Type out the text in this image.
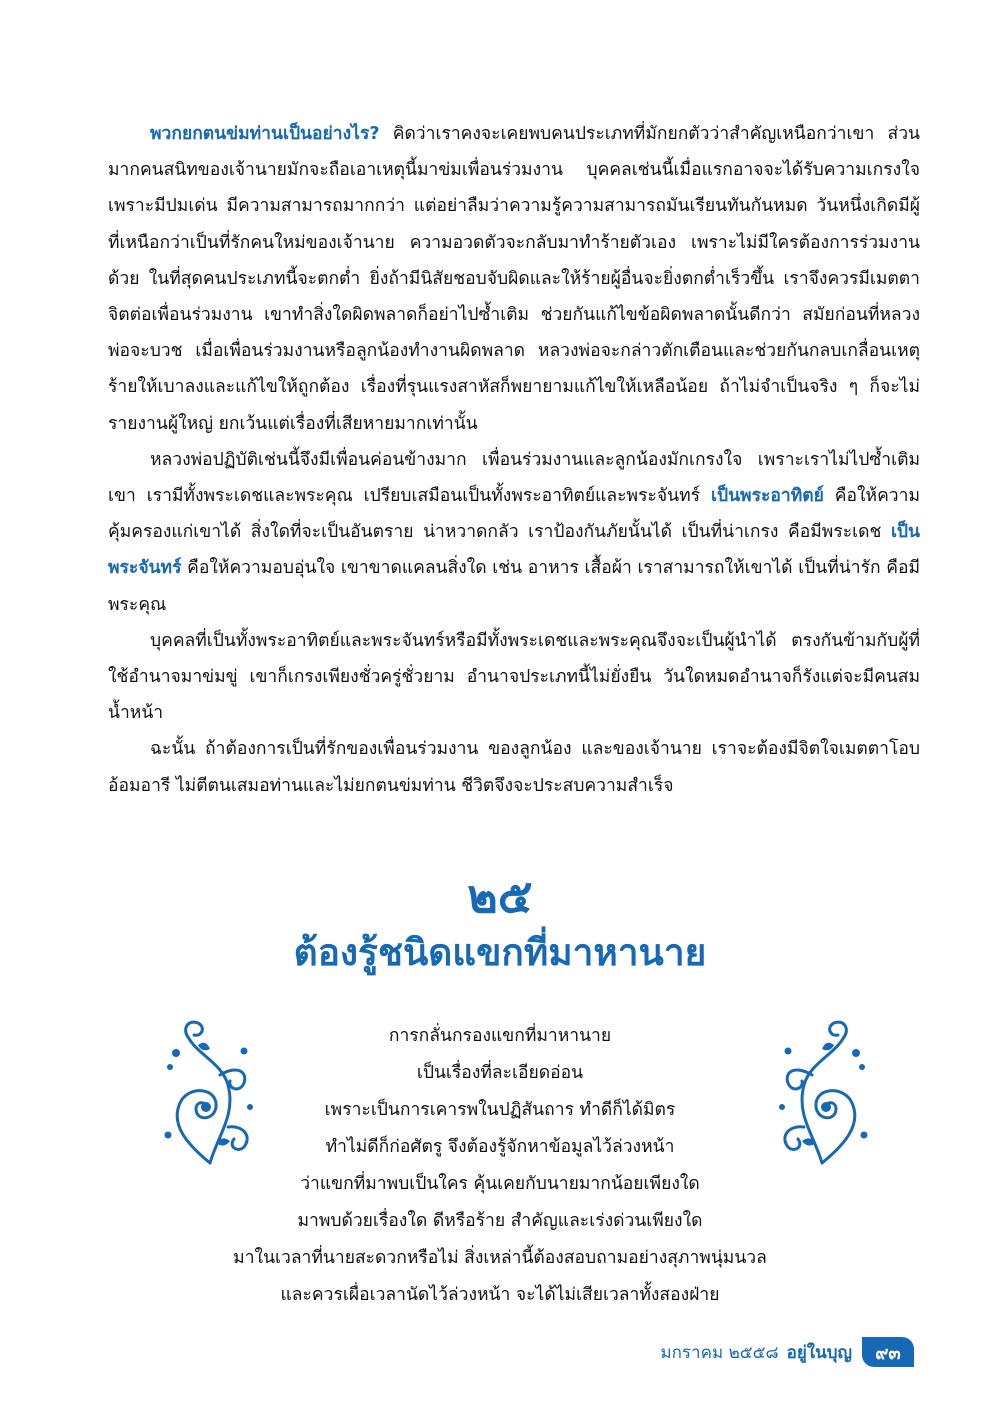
พวกยกตนข่มท่านเป็นอย่างไร? คิดว่าเราคงจะเคยพบคนประเภทที่มักยกตัวว่าสำคัญเหนือกว่าเขา ส่วนมากคนสนิทของเจ้านายมักจะถือเอาเหตุนี้มาข่มเพื่อนร่วมงาน บุคคลเช่นนี้เมื่อแรกอาจจะได้รับความเกรงใจ เพราะมีปมเด่น มีความสามารถมากกว่า แต่อย่าลืมว่าความรู้ความสามารถมันเรียนทันกันหมด วันหนึ่งเกิดมีผู้ที่เหนือกว่าเป็นที่รักคนใหม่ของเจ้านาย ความอวดตัวจะกลับมาทำร้ายตัวเอง เพราะไม่มีใครต้องการร่วมงานด้วย ในที่สุดคนประเภทนี้จะตกต่ำ ยิ่งถ้ามีนิสัยชอบจับผิดและให้ร้ายผู้อื่นจะยิ่งตกต่ำเร็วขึ้น เราจึงควรมีเมตตาจิตต่อเพื่อนร่วมงาน เขาทำสิ่งใดผิดพลาดก็อย่าไปซ้ำเติม ช่วยกันแก้ไขข้อผิดพลาดนั้นดีกว่า สมัยก่อนที่หลวงพ่อจะบวช เมื่อเพื่อนร่วมงานหรือลูกน้องทำงานผิดพลาด หลวงพ่อจะกล่าวตักเตือนและช่วยกันกลบเกลื่อนเหตุร้ายให้เบาลงและแก้ไขให้ถูกต้อง เรื่องที่รุนแรงสาหัสก็พยายามแก้ไขให้เหลือน้อย ถ้าไม่จำเป็นจริง ๆ ก็จะไม่รายงานผู้ใหญ่ ยกเว้นแต่เรื่องที่เสียหายมากเท่านั้น

หลวงพ่อปฏิบัติเช่นนี้จึงมีเพื่อนค่อนข้างมาก เพื่อนร่วมงานและลูกน้องมักเกรงใจ เพราะเราไม่ไปซ้ำเติมเขา เรามีทั้งพระเดชและพระคุณ เปรียบเสมือนเป็นทั้งพระอาทิตย์และพระจันทร์ เป็นพระอาทิตย์ คือให้ความคุ้มครองแก่เขาได้ สิ่งใดที่จะเป็นอันตราย น่าหวาดกลัว เราป้องกันภัยนั้นได้ เป็นที่น่าเกรง คือมีพระเดช เป็นพระจันทร์ คือให้ความอบอุ่นใจ เขาขาดแคลนสิ่งใด เช่น อาหาร เสื้อผ้า เราสามารถให้เขาได้ เป็นที่น่ารัก คือมีพระคุณ

บุคคลที่เป็นทั้งพระอาทิตย์และพระจันทร์หรือมีทั้งพระเดชและพระคุณจึงจะเป็นผู้นำได้ ตรงกันข้ามกับผู้ที่ใช้อำนาจมาข่มขู่ เขาก็เกรงเพียงชั่วครู่ชั่วยาม อำนาจประเภทนี้ไม่ยั่งยืน วันใดหมดอำนาจก็รังแต่จะมีคนสมน้ำหน้า

ฉะนั้น ถ้าต้องการเป็นที่รักของเพื่อนร่วมงาน ของลูกน้อง และของเจ้านาย เราจะต้องมีจิตใจเมตตาโอบอ้อมอารี ไม่ตีตนเสมอท่านและไม่ยกตนข่มท่าน ชีวิตจึงจะประสบความสำเร็จ

๒๕
ต้องรู้ชนิดแขกที่มาหานาย
การกลั่นกรองแขกที่มาหานาย
เป็นเรื่องที่ละเอียดอ่อน
เพราะเป็นการเคารพในปฏิสันถาร ทำดีก็ได้มิตร
ทำไม่ดีก็ก่อศัตรู จึงต้องรู้จักหาข้อมูลไว้ล่วงหน้า
ว่าแขกที่มาพบเป็นใคร คุ้นเคยกับนายมากน้อยเพียงใด
มาพบด้วยเรื่องใด ดีหรือร้าย สำคัญและเร่งด่วนเพียงใด
มาในเวลาที่นายสะดวกหรือไม่ สิ่งเหล่านี้ต้องสอบถามอย่างสุภาพนุ่มนวล
และควรเผื่อเวลานัดไว้ล่วงหน้า จะได้ไม่เสียเวลาทั้งสองฝ่าย
มกราคม ๒๕๕๘ อยู่ในบุญ	๙๓
